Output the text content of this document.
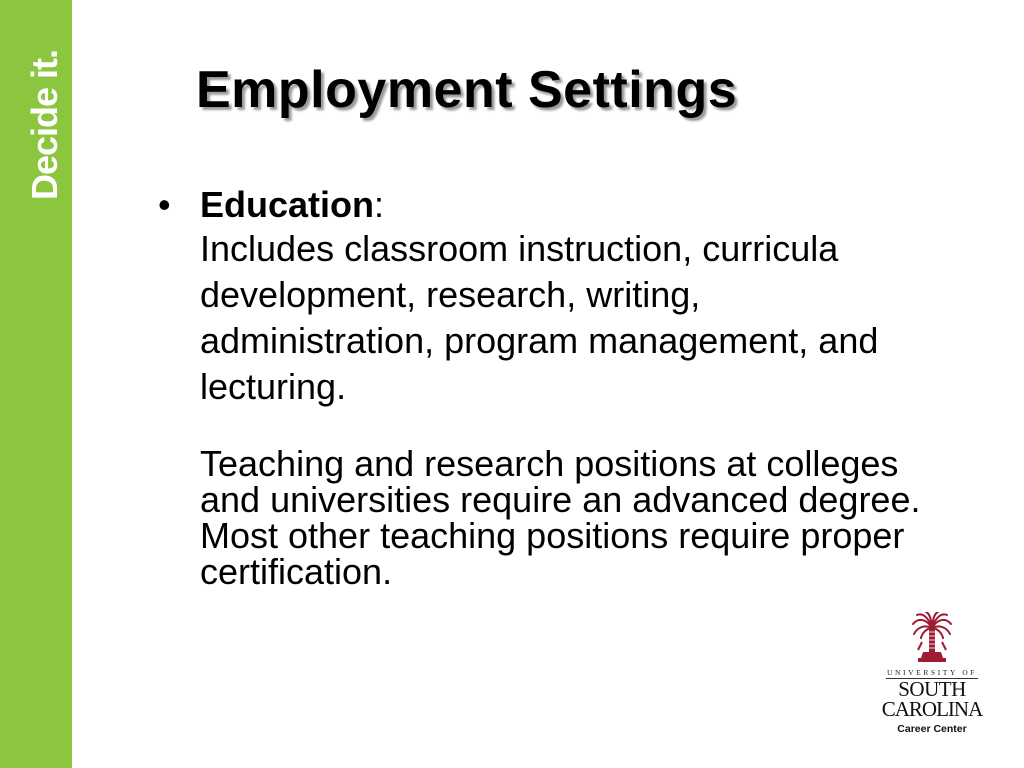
Decide it.	Employment Settings
• Education:
Includes classroom instruction, curricula development, research, writing, administration, program management, and lecturing.
Teaching and research positions at colleges and universities require an advanced degree. Most other teaching positions require proper certification.
UNIVERSITY OF
SOUTH
CAROLINA
Career Center
